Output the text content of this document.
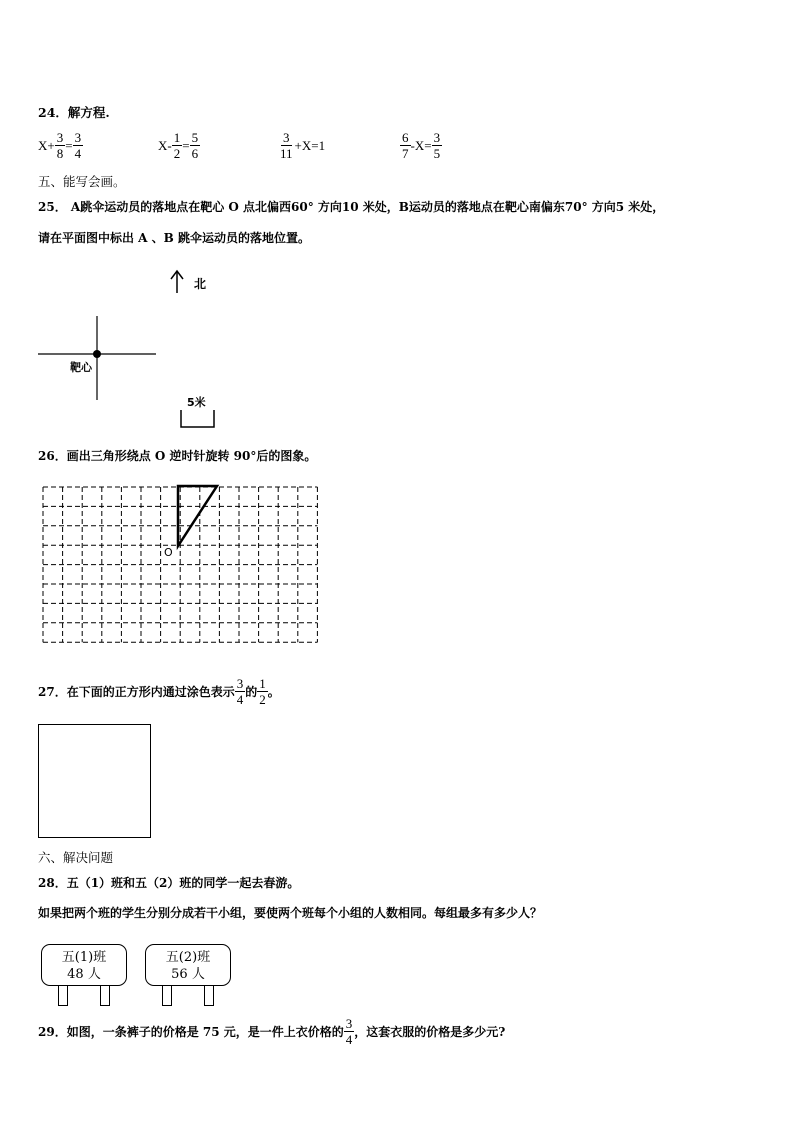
24．解方程.
$X+ \frac{3}{8} = \frac{3}{4}$	$X- \frac{1}{2} = \frac{5}{6}$	$\frac{3}{11} +X=1$	$\frac{6}{7} -X= \frac{3}{5}$
五、能写会画。
25． A跳伞运动员的落地点在靶心 O 点北偏西60° 方向10 米处，B运动员的落地点在靶心南偏东70° 方向5 米处，
请在平面图中标出 A 、B 跳伞运动员的落地位置。
北
靶心
5米
26．画出三角形绕点 O 逆时针旋转 90°后的图象。
O
27．在下面的正方形内通过涂色表示 $\frac{3}{4}$ 的 $\frac{1}{2}$ 。
六、解决问题
28．五（1）班和五（2）班的同学一起去春游。
如果把两个班的学生分别分成若干小组，要使两个班每个小组的人数相同。每组最多有多少人？
五(1)班
48 人
五(2)班
56 人
29．如图，一条裤子的价格是 75 元，是一件上衣价格的 $\frac{3}{4}$ ，这套衣服的价格是多少元?
